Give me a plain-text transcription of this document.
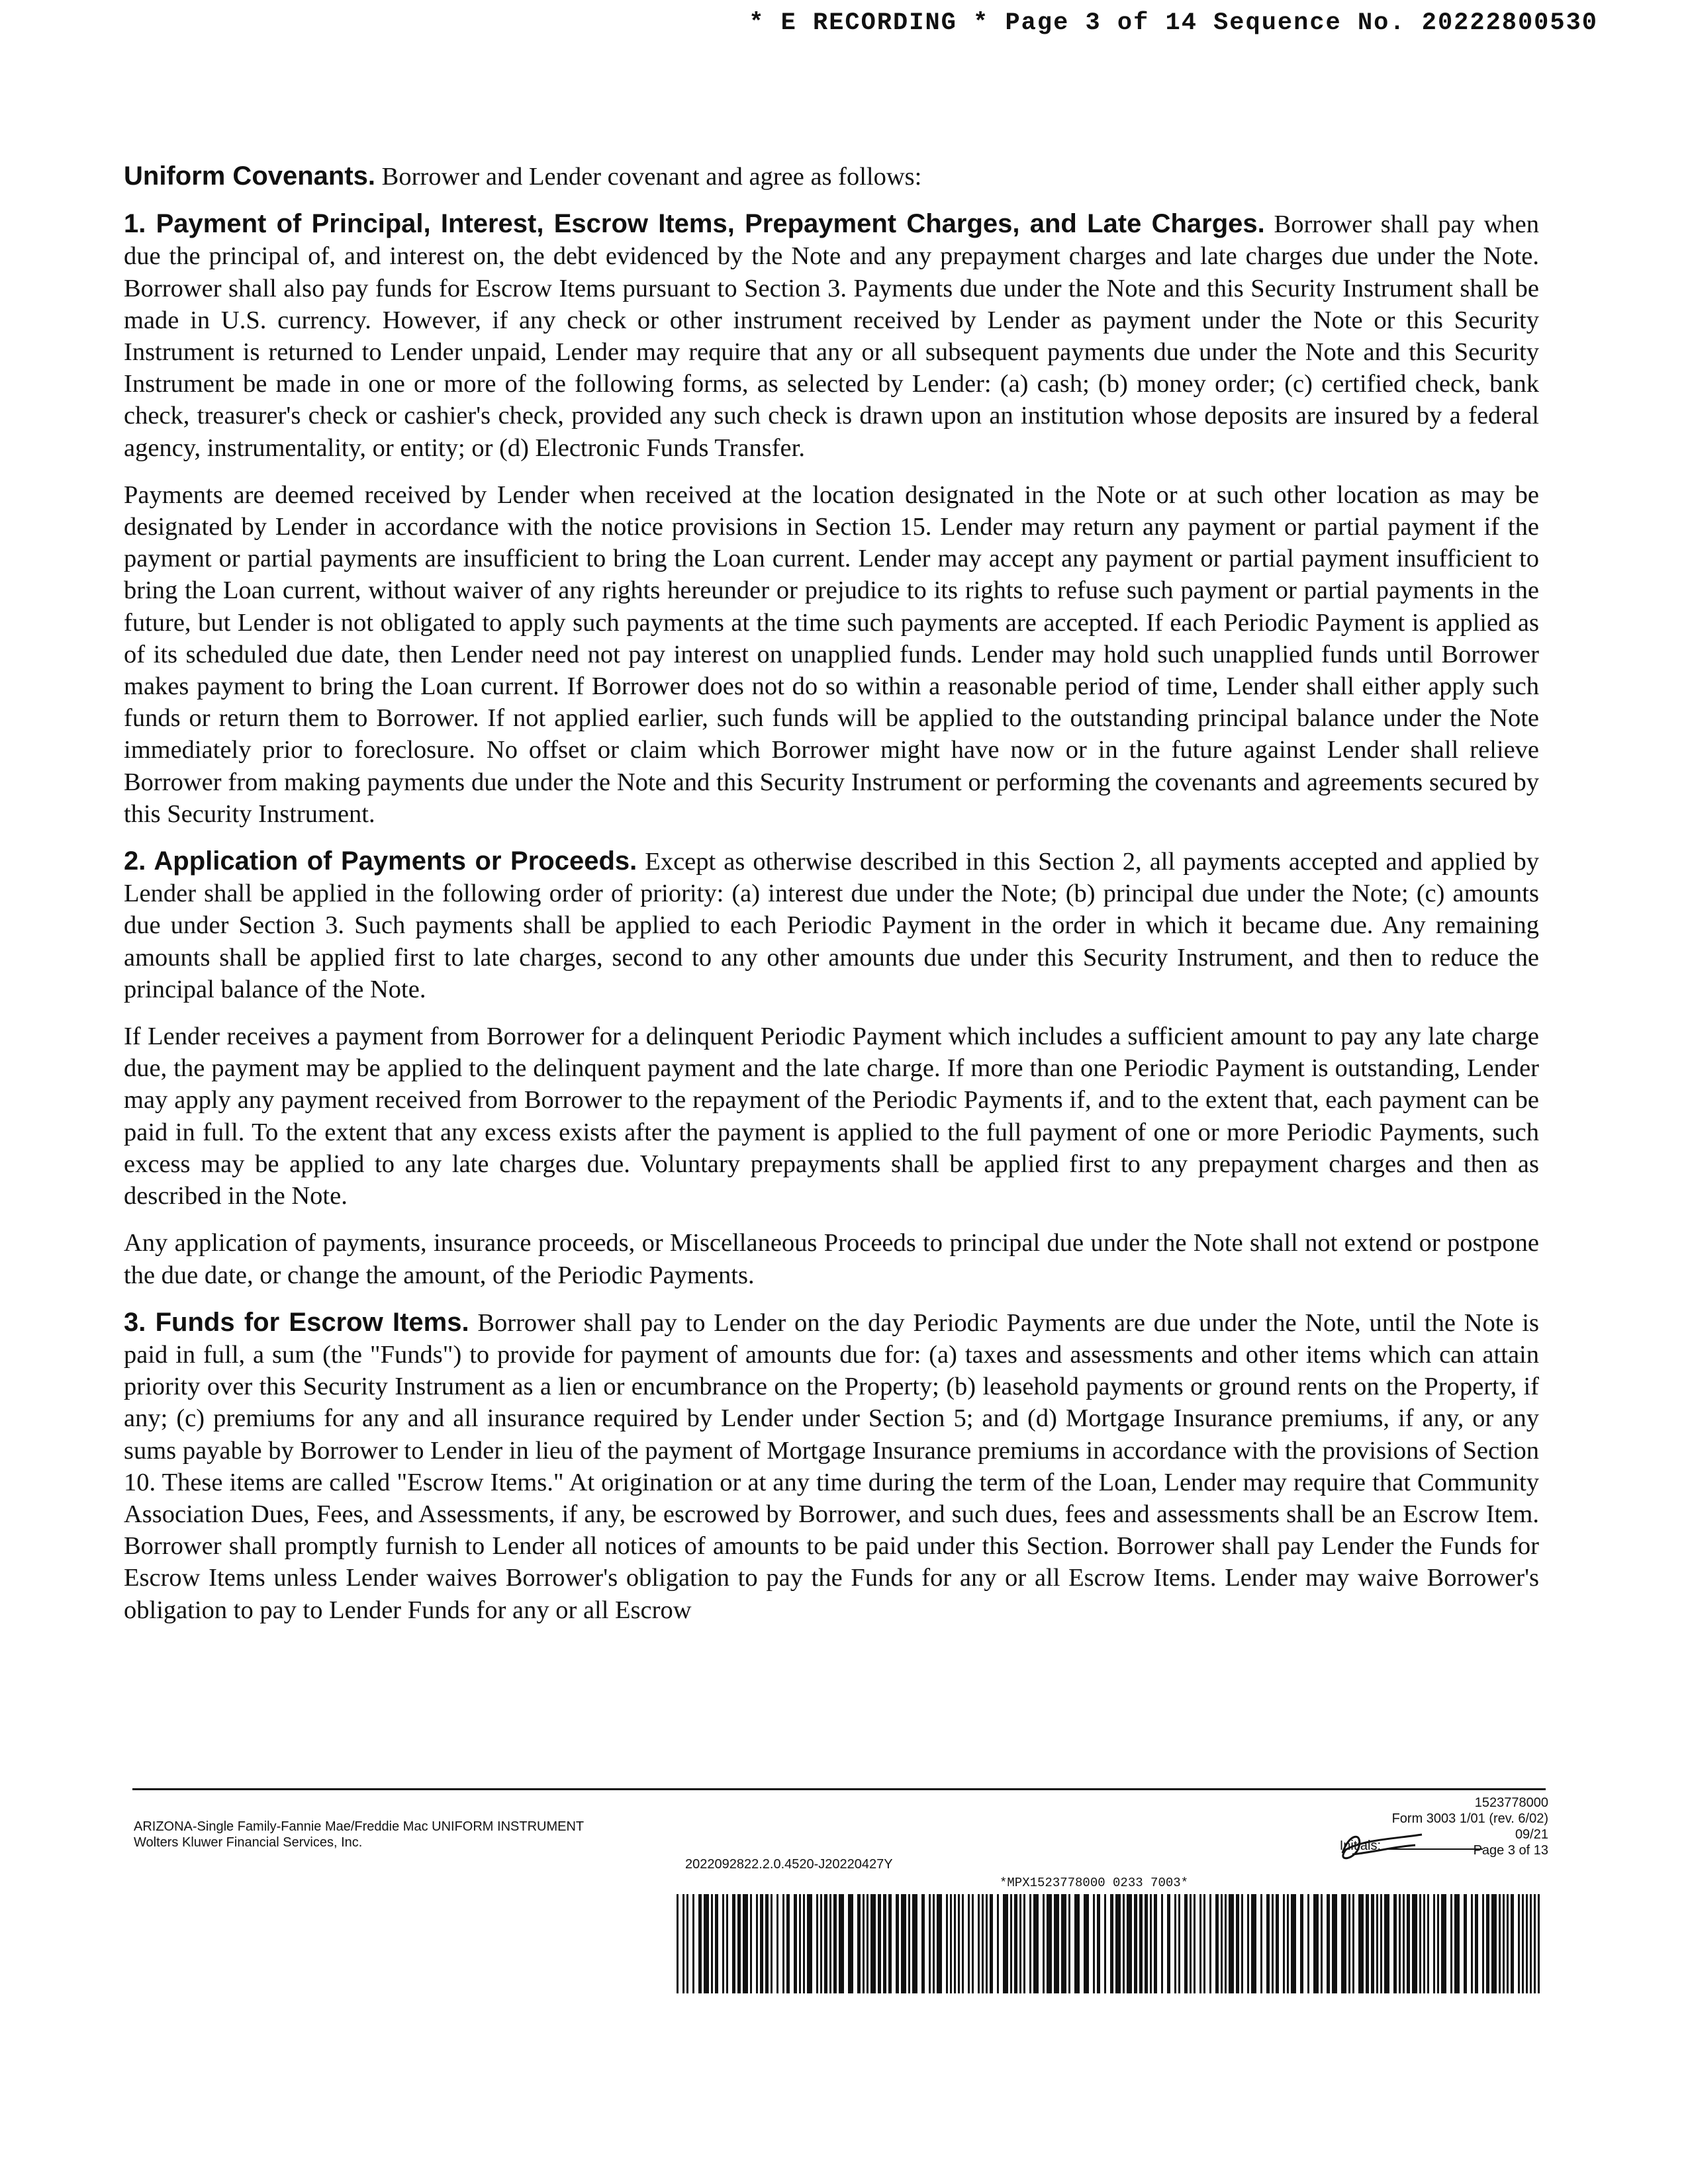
* E RECORDING * Page 3 of 14 Sequence No. 20222800530

Uniform Covenants. Borrower and Lender covenant and agree as follows:

1. Payment of Principal, Interest, Escrow Items, Prepayment Charges, and Late Charges. Borrower shall pay when due the principal of, and interest on, the debt evidenced by the Note and any prepayment charges and late charges due under the Note. Borrower shall also pay funds for Escrow Items pursuant to Section 3. Payments due under the Note and this Security Instrument shall be made in U.S. currency. However, if any check or other instrument received by Lender as payment under the Note or this Security Instrument is returned to Lender unpaid, Lender may require that any or all subsequent payments due under the Note and this Security Instrument be made in one or more of the following forms, as selected by Lender: (a) cash; (b) money order; (c) certified check, bank check, treasurer's check or cashier's check, provided any such check is drawn upon an institution whose deposits are insured by a federal agency, instrumentality, or entity; or (d) Electronic Funds Transfer.

Payments are deemed received by Lender when received at the location designated in the Note or at such other location as may be designated by Lender in accordance with the notice provisions in Section 15. Lender may return any payment or partial payment if the payment or partial payments are insufficient to bring the Loan current. Lender may accept any payment or partial payment insufficient to bring the Loan current, without waiver of any rights hereunder or prejudice to its rights to refuse such payment or partial payments in the future, but Lender is not obligated to apply such payments at the time such payments are accepted. If each Periodic Payment is applied as of its scheduled due date, then Lender need not pay interest on unapplied funds. Lender may hold such unapplied funds until Borrower makes payment to bring the Loan current. If Borrower does not do so within a reasonable period of time, Lender shall either apply such funds or return them to Borrower. If not applied earlier, such funds will be applied to the outstanding principal balance under the Note immediately prior to foreclosure. No offset or claim which Borrower might have now or in the future against Lender shall relieve Borrower from making payments due under the Note and this Security Instrument or performing the covenants and agreements secured by this Security Instrument.

2. Application of Payments or Proceeds. Except as otherwise described in this Section 2, all payments accepted and applied by Lender shall be applied in the following order of priority: (a) interest due under the Note; (b) principal due under the Note; (c) amounts due under Section 3. Such payments shall be applied to each Periodic Payment in the order in which it became due. Any remaining amounts shall be applied first to late charges, second to any other amounts due under this Security Instrument, and then to reduce the principal balance of the Note.

If Lender receives a payment from Borrower for a delinquent Periodic Payment which includes a sufficient amount to pay any late charge due, the payment may be applied to the delinquent payment and the late charge. If more than one Periodic Payment is outstanding, Lender may apply any payment received from Borrower to the repayment of the Periodic Payments if, and to the extent that, each payment can be paid in full. To the extent that any excess exists after the payment is applied to the full payment of one or more Periodic Payments, such excess may be applied to any late charges due. Voluntary prepayments shall be applied first to any prepayment charges and then as described in the Note.

Any application of payments, insurance proceeds, or Miscellaneous Proceeds to principal due under the Note shall not extend or postpone the due date, or change the amount, of the Periodic Payments.

3. Funds for Escrow Items. Borrower shall pay to Lender on the day Periodic Payments are due under the Note, until the Note is paid in full, a sum (the "Funds") to provide for payment of amounts due for: (a) taxes and assessments and other items which can attain priority over this Security Instrument as a lien or encumbrance on the Property; (b) leasehold payments or ground rents on the Property, if any; (c) premiums for any and all insurance required by Lender under Section 5; and (d) Mortgage Insurance premiums, if any, or any sums payable by Borrower to Lender in lieu of the payment of Mortgage Insurance premiums in accordance with the provisions of Section 10. These items are called "Escrow Items." At origination or at any time during the term of the Loan, Lender may require that Community Association Dues, Fees, and Assessments, if any, be escrowed by Borrower, and such dues, fees and assessments shall be an Escrow Item. Borrower shall promptly furnish to Lender all notices of amounts to be paid under this Section. Borrower shall pay Lender the Funds for Escrow Items unless Lender waives Borrower's obligation to pay the Funds for any or all Escrow Items. Lender may waive Borrower's obligation to pay to Lender Funds for any or all Escrow

ARIZONA-Single Family-Fannie Mae/Freddie Mac UNIFORM INSTRUMENT
Wolters Kluwer Financial Services, Inc.
2022092822.2.0.4520-J20220427Y
1523778000
Form 3003 1/01 (rev. 6/02)
09/21
Page 3 of 13
Initials:
*MPX1523778000 0233 7003*
